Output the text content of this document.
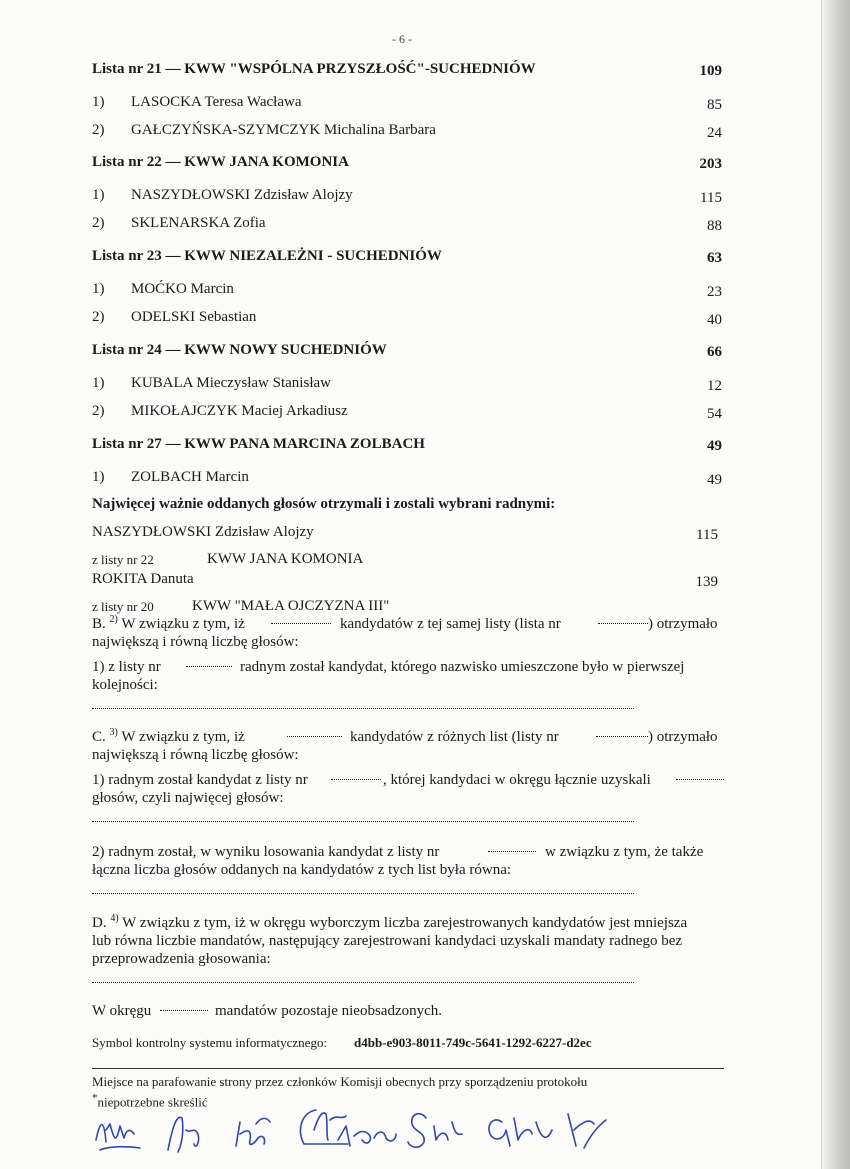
- 6 -
Lista nr 21 — KWW "WSPÓLNA PRZYSZŁOŚĆ"-SUCHEDNIÓW	109
1) LASOCKA Teresa Wacława	85
2) GAŁCZYŃSKA-SZYMCZYK Michalina Barbara	24
Lista nr 22 — KWW JANA KOMONIA	203
1) NASZYDŁOWSKI Zdzisław Alojzy	115
2) SKLENARSKA Zofia	88
Lista nr 23 — KWW NIEZALEŻNI - SUCHEDNIÓW	63
1) MOĆKO Marcin	23
2) ODELSKI Sebastian	40
Lista nr 24 — KWW NOWY SUCHEDNIÓW	66
1) KUBALA Mieczysław Stanisław	12
2) MIKOŁAJCZYK Maciej Arkadiusz	54
Lista nr 27 — KWW PANA MARCINA ZOLBACH	49
1) ZOLBACH Marcin	49
Najwięcej ważnie oddanych głosów otrzymali i zostali wybrani radnymi:
NASZYDŁOWSKI Zdzisław Alojzy	115
z listy nr 22	KWW JANA KOMONIA
ROKITA Danuta	139
z listy nr 20	KWW "MAŁA OJCZYZNA III"
B. $^{2)}$ W związku z tym, iż	kandydatów z tej samej listy (lista nr	) otrzymało
największą i równą liczbę głosów:
1) z listy nr	radnym został kandydat, którego nazwisko umieszczone było w pierwszej
kolejności:
C. $^{3)}$ W związku z tym, iż	kandydatów z różnych list (listy nr	) otrzymało
największą i równą liczbę głosów:
1) radnym został kandydat z listy nr	, której kandydaci w okręgu łącznie uzyskali
głosów, czyli najwięcej głosów:
2) radnym został, w wyniku losowania kandydat z listy nr	w związku z tym, że także
łączna liczba głosów oddanych na kandydatów z tych list była równa:
D. $^{4)}$ W związku z tym, iż w okręgu wyborczym liczba zarejestrowanych kandydatów jest mniejsza
lub równa liczbie mandatów, następujący zarejestrowani kandydaci uzyskali mandaty radnego bez
przeprowadzenia głosowania:
W okręgu	mandatów pozostaje nieobsadzonych.
Symbol kontrolny systemu informatycznego: d4bb-e903-8011-749c-5641-1292-6227-d2ec
Miejsce na parafowanie strony przez członków Komisji obecnych przy sporządzeniu protokołu
*niepotrzebne skreślić
